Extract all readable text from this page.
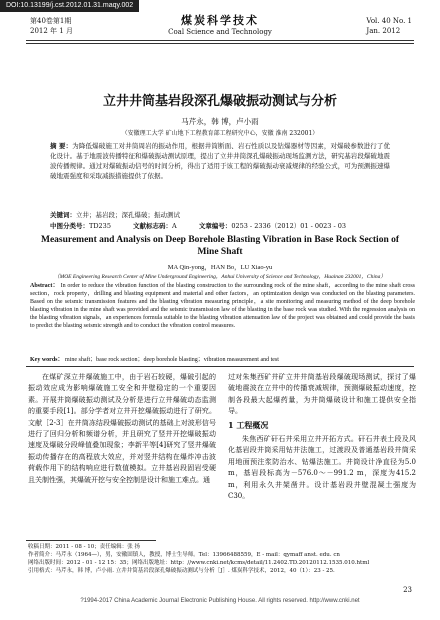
DOI:10.13199/j.cst.2012.01.31.maqy.002
第40卷第1期
2012 年 1 月
煤炭科学技术
Coal Science and Technology
Vol. 40 No. 1
Jan. 2012
立井井筒基岩段深孔爆破振动测试与分析
马芹永，韩 博，卢小雨
（安徽理工大学 矿山地下工程教育部工程研究中心，安徽 淮南 232001）
摘 要：为降低爆破施工对井筒周岩的振动作用，根据井筒断面、岩石性质以及钻爆器材等因素，对爆破参数进行了优化设计。基于地震波传播特征和爆破振动测试原理，提出了立井井筒深孔爆破振动现场监测方法，研究基岩段爆破地震波传播规律。通过对爆破振动信号的时间分析，得出了适用于该工程的爆破振动衰减规律的经验公式，可为预测振速爆破地震强度和采取减振措施提供了依据。
关键词：立井；基岩段；深孔爆破；振动测试
中图分类号：TD235	文献标志码：A	文章编号：0253 - 2336（2012）01 - 0023 - 03
Measurement and Analysis on Deep Borehole Blasting Vibration in Base Rock Section of Mine Shaft
MA Qin-yong，HAN Bo，LU Xiao-yu
（MOE Engineering Research Center of Mine Underground Engineering，Anhui University of Science and Technology，Huainan 232001，China）
Abstract： In order to reduce the vibration function of the blasting construction to the surrounding rock of the mine shaft，according to the mine shaft cross section，rock property，drilling and blasting equipment and material and other factors，an optimization design was conducted on the blasting parameters. Based on the seismic transmission features and the blasting vibration measuring principle，a site monitoring and measuring method of the deep borehole blasting vibration in the mine shaft was provided and the seismic transmission law of the blasting in the base rock was studied. With the regression analysis on the blasting vibration signals，an experiences formula suitable to the blasting vibration attenuation law of the project was obtained and could provide the basis to predict the blasting seismic strength and to conduct the vibration control measures.
Key words： mine shaft；base rock section；deep borehole blasting；vibration measurement and test
在煤矿深立井爆破施工中，由于岩石较硬，爆破引起的振动效应成为影响爆破施工安全和井壁稳定的一个重要因素。开展井筒爆破振动测试及分析是进行立井爆破动态监测的重要手段[1]。部分学者对立井开挖爆破振动进行了研究。文献［2-3］在井筒冻结段爆破振动测试的基础上对波形信号进行了回归分析和频谱分析，并且研究了竖井开挖爆破振动速度及爆破分段峰值叠加现象；李新平等[4]研究了竖井爆破振动传播存在的高程放大效应，并对竖井结构在爆炸冲击波荷载作用下的结构响应进行数值模拟。立井基岩段固岩受硬且关制性强，其爆破开挖与安全控制是设计和施工难点。通
过对朱集西矿井矿立井井筒基岩段爆破现场测试，探讨了爆破地震波在立井中的传播衰减规律，预测爆破振动速度，控制各段最大起爆药量，为井筒爆破设计和施工提供安全指导。
1 工程概况
朱焦西矿矸石井采用立井开拓方式。矸石井表土段及风化基岩段井筒采用钻井法施工，过渡段及普通基岩段井筒采用地面预注浆防治水、钻爆法施工。井筒设计净直径为5.0 m，基岩段标高为－576.0～－991.2 m，深度为415.2 m，利用永久井架凿井。设计基岩段井壁混凝土强度为C30。
收稿日期：2011 - 08 - 10；责任编辑：张 扬
作者简介：马芹永（1964—），男，安徽固镇人，教授，博士生导师。Tel：13966488559，E - mail：qymaff anst. edu. cn
网络出版时间：2012 - 01 - 12 15：35；网络出版地址：http：//www.cnki.net/kcms/detail/11.2402.TD.20120112.1535.010.html
引用格式：马芹永，韩 博，卢小雨. 立井井筒基岩段深孔爆破振动测试与分析［J］. 煤炭科学技术，2012，40（1）：23 - 25.
23
?1994-2017 China Academic Journal Electronic Publishing House. All rights reserved. http://www.cnki.net
